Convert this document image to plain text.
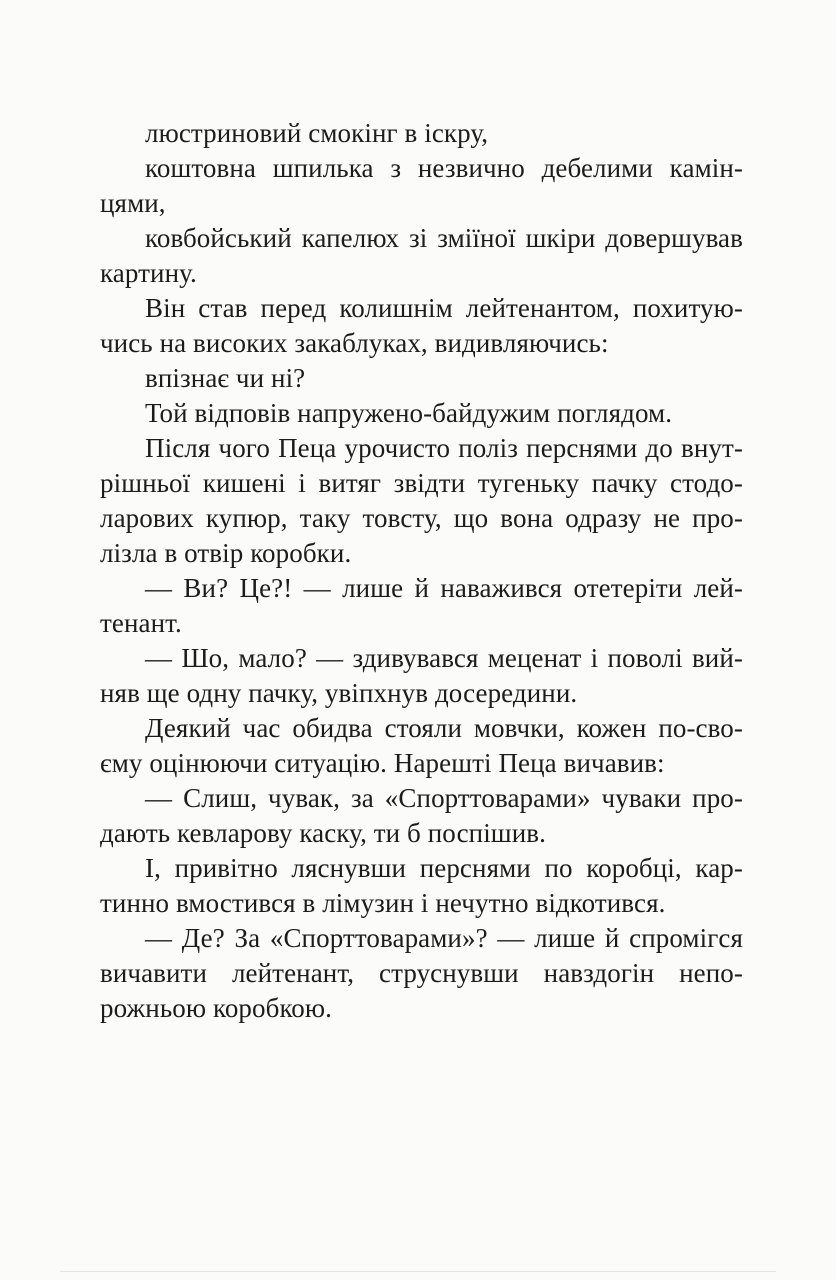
люстриновий смокінг в іскру,
коштовна шпилька з незвично дебелими камін-
цями,
ковбойський капелюх зі зміїної шкіри довершував
картину.
Він став перед колишнім лейтенантом, похитую-
чись на високих закаблуках, видивляючись:
впізнає чи ні?
Той відповів напружено-байдужим поглядом.
Після чого Пеца урочисто поліз перснями до внут-
рішньої кишені і витяг звідти тугеньку пачку стодо-
ларових купюр, таку товсту, що вона одразу не про-
лізла в отвір коробки.
— Ви? Це?! — лише й наважився отетеріти лей-
тенант.
— Шо, мало? — здивувався меценат і поволі вий-
няв ще одну пачку, увіпхнув досередини.
Деякий час обидва стояли мовчки, кожен по-сво-
єму оцінюючи ситуацію. Нарешті Пеца вичавив:
— Слиш, чувак, за «Спорттоварами» чуваки про-
дають кевларову каску, ти б поспішив.
І, привітно ляснувши перснями по коробці, кар-
тинно вмостився в лімузин і нечутно відкотився.
— Де? За «Спорттоварами»? — лише й спромігся
вичавити лейтенант, струснувши навздогін непо-
рожньою коробкою.
